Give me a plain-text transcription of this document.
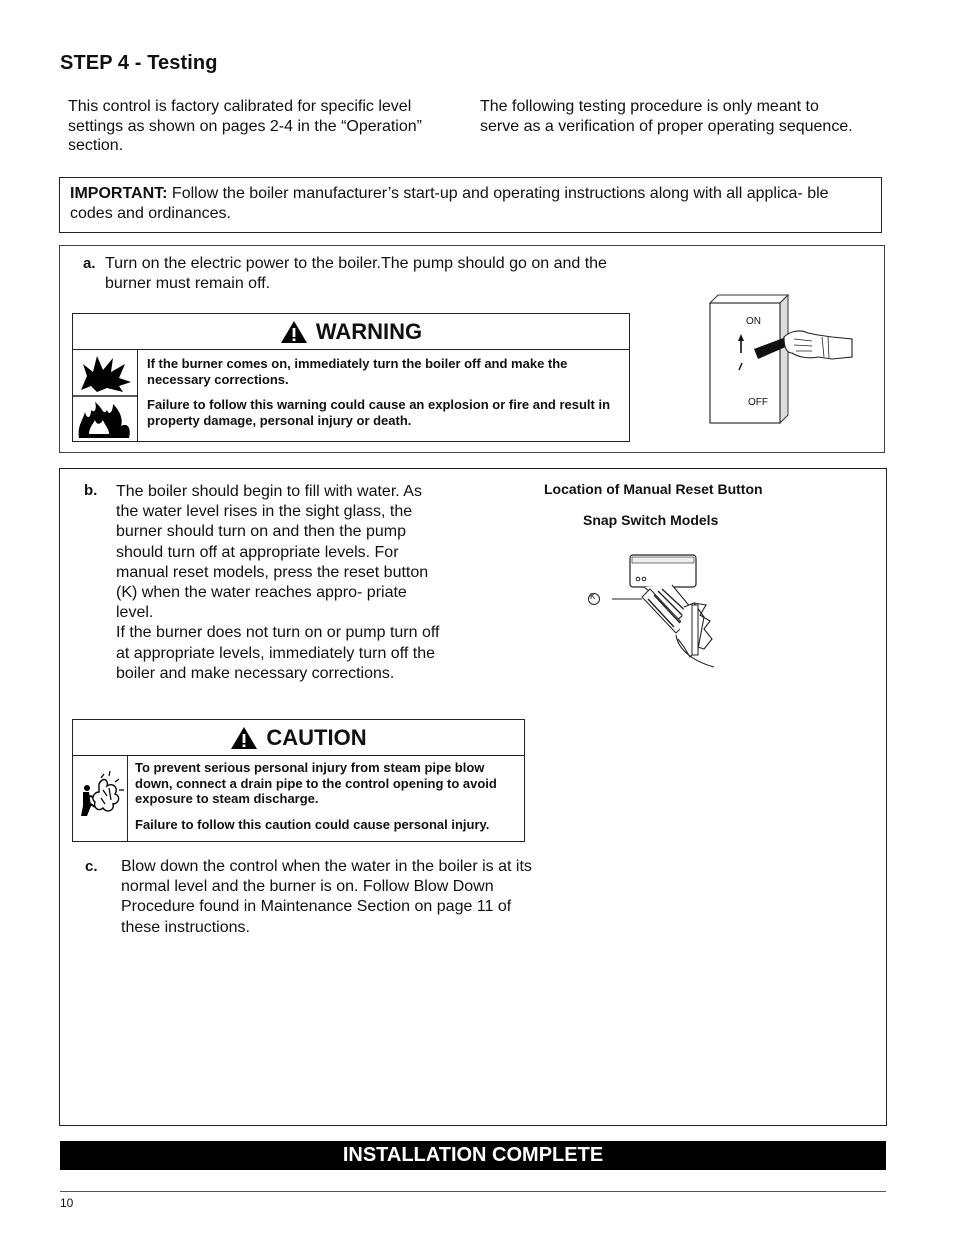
STEP 4 - Testing
This control is factory calibrated for specific level settings as shown on pages 2-4 in the “Operation” section.
The following testing procedure is only meant to serve as a verification of proper operating sequence.
IMPORTANT: Follow the boiler manufacturer’s start-up and operating instructions along with all applica- ble codes and ordinances.
a. Turn on the electric power to the boiler.The pump should go on and the burner must remain off.
WARNING

If the burner comes on, immediately turn the boiler off and make the necessary corrections.

Failure to follow this warning could cause an explosion or fire and result in property damage, personal injury or death.

ON
OFF
b. The boiler should begin to fill with water. As the water level rises in the sight glass, the burner should turn on and then the pump should turn off at appropriate levels. For manual reset models, press the reset button (K) when the water reaches appro- priate level.
If the burner does not turn on or pump turn off at appropriate levels, immediately turn off the boiler and make necessary corrections.
Location of Manual Reset Button
Snap Switch Models
K
CAUTION

To prevent serious personal injury from steam pipe blow down, connect a drain pipe to the control opening to avoid exposure to steam discharge.

Failure to follow this caution could cause personal injury.

c. Blow down the control when the water in the boiler is at its normal level and the burner is on. Follow Blow Down Procedure found in Maintenance Section on page 11 of these instructions.
INSTALLATION COMPLETE
10
